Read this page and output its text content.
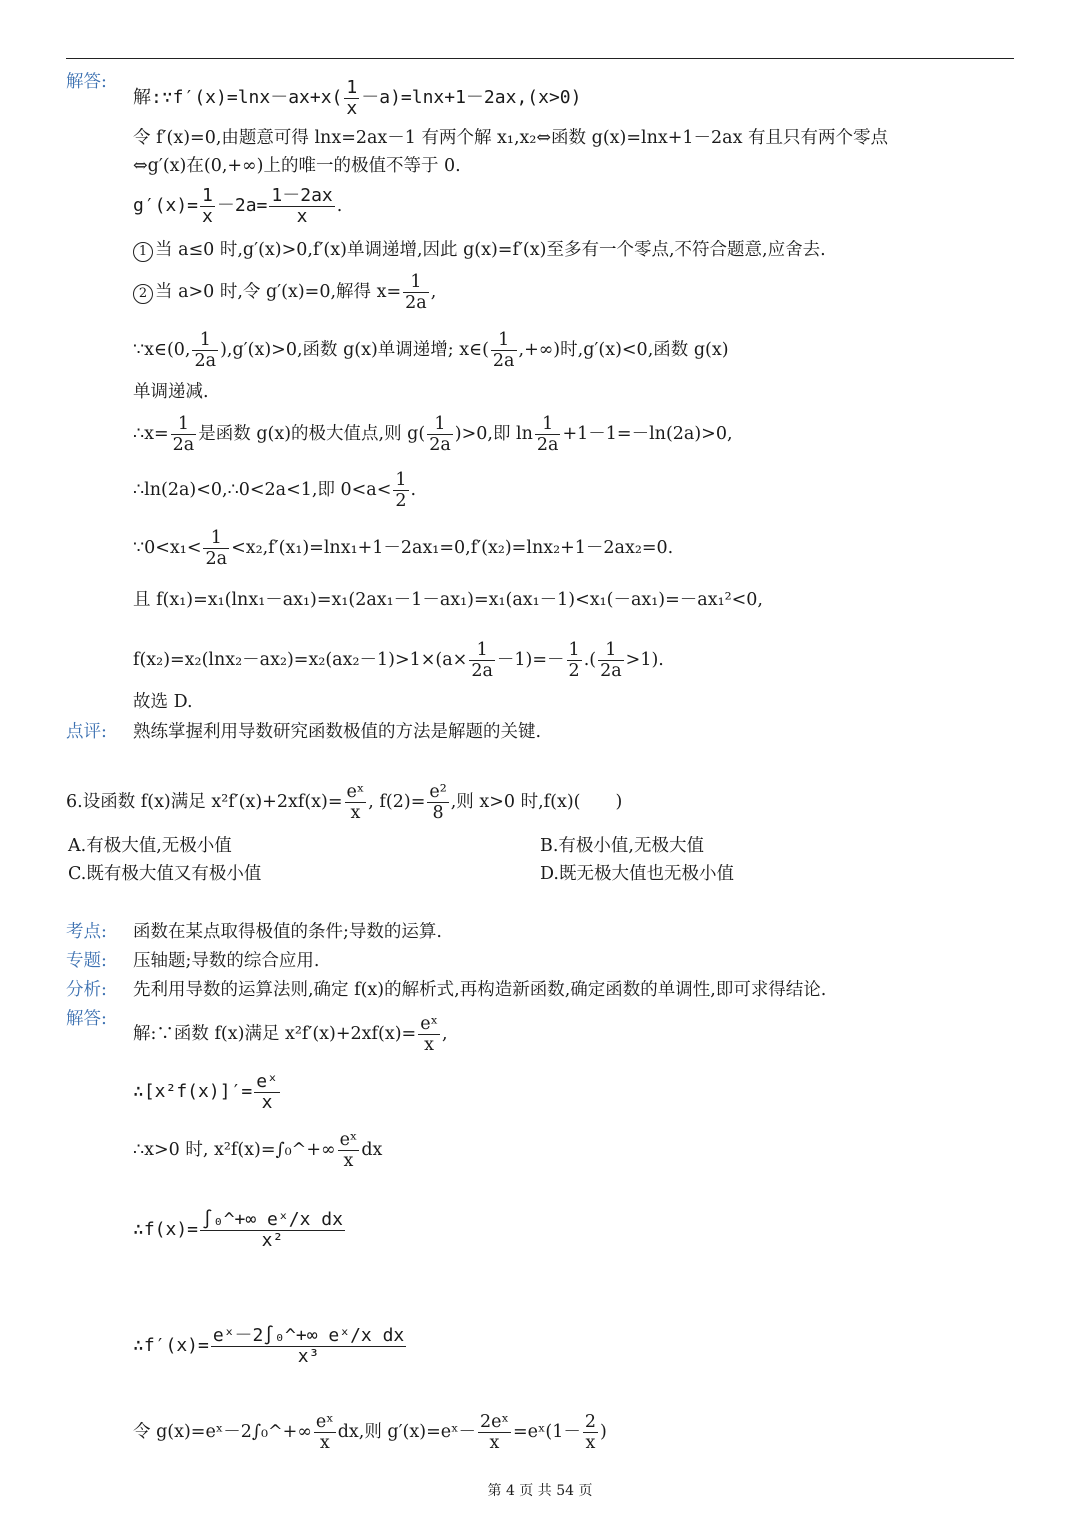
解答:
解:∵f′(x)=lnx－ax+x( $\frac{1}{x} -a)=\ln x+1-2ax,(x>0)$
令 f′(x)=0,由题意可得 lnx=2ax－1 有两个解 x₁,x₂⇔函数 g(x)=lnx+1－2ax 有且只有两个零点
⇔g′(x)在(0,+∞)上的唯一的极值不等于 0.
$g'(x)= \frac{1}{x} -2a= \frac{1-2ax}{x}$ .
1 当 a≤0 时,g′(x)>0,f′(x)单调递增,因此 g(x)=f′(x)至多有一个零点,不符合题意,应舍去.
2 当 a>0 时,令 g′(x)=0,解得 $x= \frac{1}{2a}$ ,
∵x∈(0, $\frac{1}{2a} ),g'(x)>0$,函数 g(x)单调递增; x∈( $\frac{1}{2a}$ ,+∞)时,g′(x)<0,函数 g(x)
单调递减.
∴x= $\frac{1}{2a}$ 是函数 g(x)的极大值点,则 $g( \frac{1}{2a} )>0$,即 $\ln \frac{1}{2a} +1-1=-\ln(2a)>0$,
∴ln(2a)<0,∴0<2a<1,即 $0<a< \frac{1}{2}$ .
∵0<x₁< $\frac{1}{2a} <x_2,f'(x_1)=\ln x_1+1-2ax_1=0,f'(x_2)=\ln x_2+1-2ax_2=0$.
且 f(x₁)=x₁(lnx₁－ax₁)=x₁(2ax₁－1－ax₁)=x₁(ax₁－1)<x₁(－ax₁)=－ax₁²<0,
$f(x_2)=x_2(\ln x_2-ax_2)=x_2(ax_2-1)>1\times(a\times \frac{1}{2a} -1)=- \frac{1}{2}$ .( $\frac{1}{2a} >1$).
故选 D.
点评: 熟练掌握利用导数研究函数极值的方法是解题的关键.
6.设函数 f(x)满足 $x^2f'(x)+2xf(x)= \frac{\text{eˣ}}{x}$ , $f(2)= \frac{\text{e²}}{8}$ ,则 x>0 时,f(x)(　　)
A.有极大值,无极小值	B.有极小值,无极大值
C.既有极大值又有极小值	D.既无极大值也无极小值
考点: 函数在某点取得极值的条件;导数的运算.
专题: 压轴题;导数的综合应用.
分析: 先利用导数的运算法则,确定 f(x)的解析式,再构造新函数,确定函数的单调性,即可求得结论.
解答:
解:∵函数 f(x)满足 $x^2f'(x)+2xf(x)= \frac{\text{eˣ}}{x}$ ,
∴[x²f(x)]′= $\frac{\text{eˣ}}{x}$
∴x>0 时, x²f(x)=∫₀^+∞ $\frac{\text{eˣ}}{x}$ dx
∴f(x)= $\frac{\text{∫₀\textasciicircum{}+∞ eˣ/x dx}}{\text{x²}}$
∴f′(x)= $\frac{\text{eˣ－2∫₀\textasciicircum{}+∞ eˣ/x dx}}{\text{x³}}$
令 g(x)=eˣ－2∫₀^+∞ $\frac{\text{eˣ}}{x}$ dx,则 g′(x)=eˣ－ $\frac{\text{2eˣ}}{x}$ =eˣ(1－ $\frac{2}{x}$ )
第 4 页 共 54 页
